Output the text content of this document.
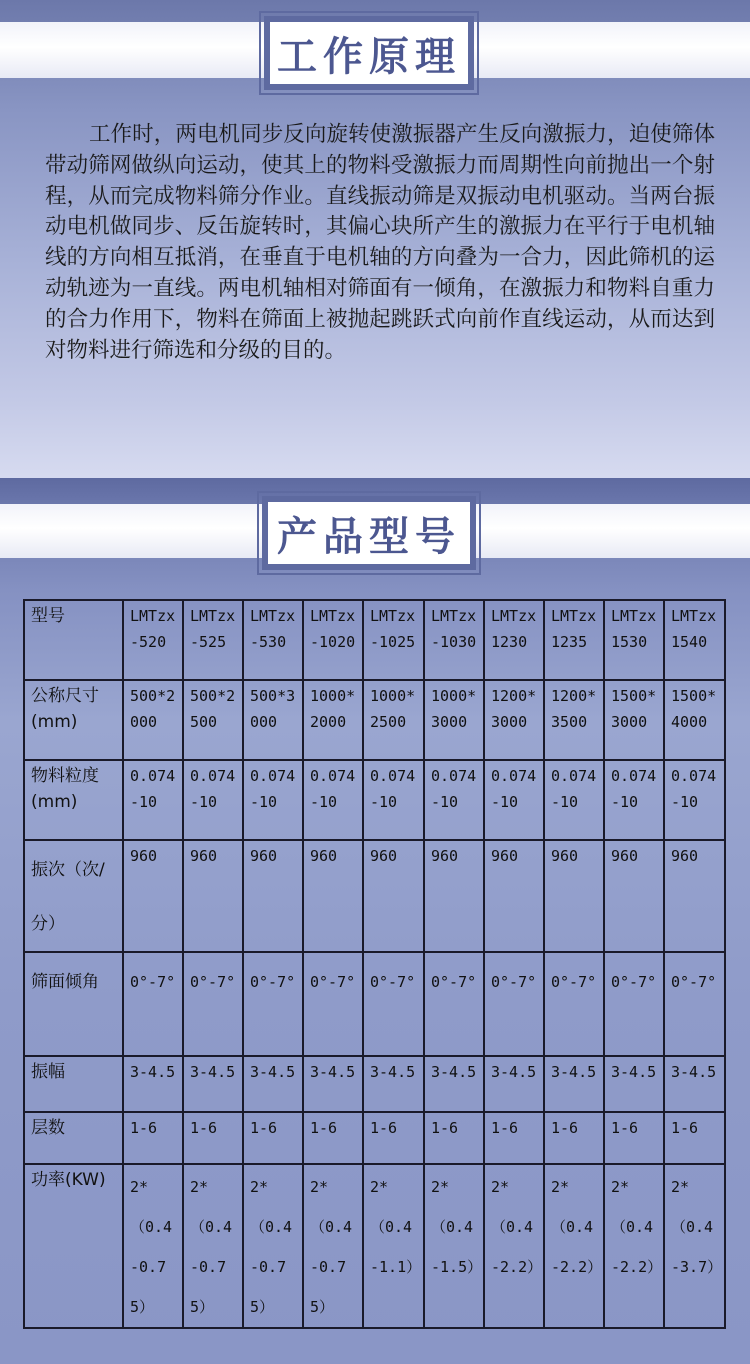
工作原理

工作时，两电机同步反向旋转使激振器产生反向激振力，迫使筛体带动筛网做纵向运动，使其上的物料受激振力而周期性向前抛出一个射程，从而完成物料筛分作业。直线振动筛是双振动电机驱动。当两台振动电机做同步、反缶旋转时，其偏心块所产生的激振力在平行于电机轴线的方向相互抵消，在垂直于电机轴的方向叠为一合力，因此筛机的运动轨迹为一直线。两电机轴相对筛面有一倾角，在激振力和物料自重力的合力作用下，物料在筛面上被抛起跳跃式向前作直线运动，从而达到对物料进行筛选和分级的目的。

产品型号
型号	LMTzx-520	LMTzx-525	LMTzx-530	LMTzx-1020	LMTzx-1025	LMTzx-1030	LMTzx1230	LMTzx1235	LMTzx1530	LMTzx1540
公称尺寸(mm)	500*2000	500*2500	500*3000	1000*2000	1000*2500	1000*3000	1200*3000	1200*3500	1500*3000	1500*4000
物料粒度(mm)	0.074-10	0.074-10	0.074-10	0.074-10	0.074-10	0.074-10	0.074-10	0.074-10	0.074-10	0.074-10
振次（次/分）	960	960	960	960	960	960	960	960	960	960
筛面倾角	0°-7°	0°-7°	0°-7°	0°-7°	0°-7°	0°-7°	0°-7°	0°-7°	0°-7°	0°-7°
振幅	3-4.5	3-4.5	3-4.5	3-4.5	3-4.5	3-4.5	3-4.5	3-4.5	3-4.5	3-4.5
层数	1-6	1-6	1-6	1-6	1-6	1-6	1-6	1-6	1-6	1-6
功率(KW)	2*（0.4-0.75）	2*（0.4-0.75）	2*（0.4-0.75）	2*（0.4-0.75）	2*（0.4-1.1）	2*（0.4-1.5）	2*（0.4-2.2）	2*（0.4-2.2）	2*（0.4-2.2）	2*（0.4-3.7）
